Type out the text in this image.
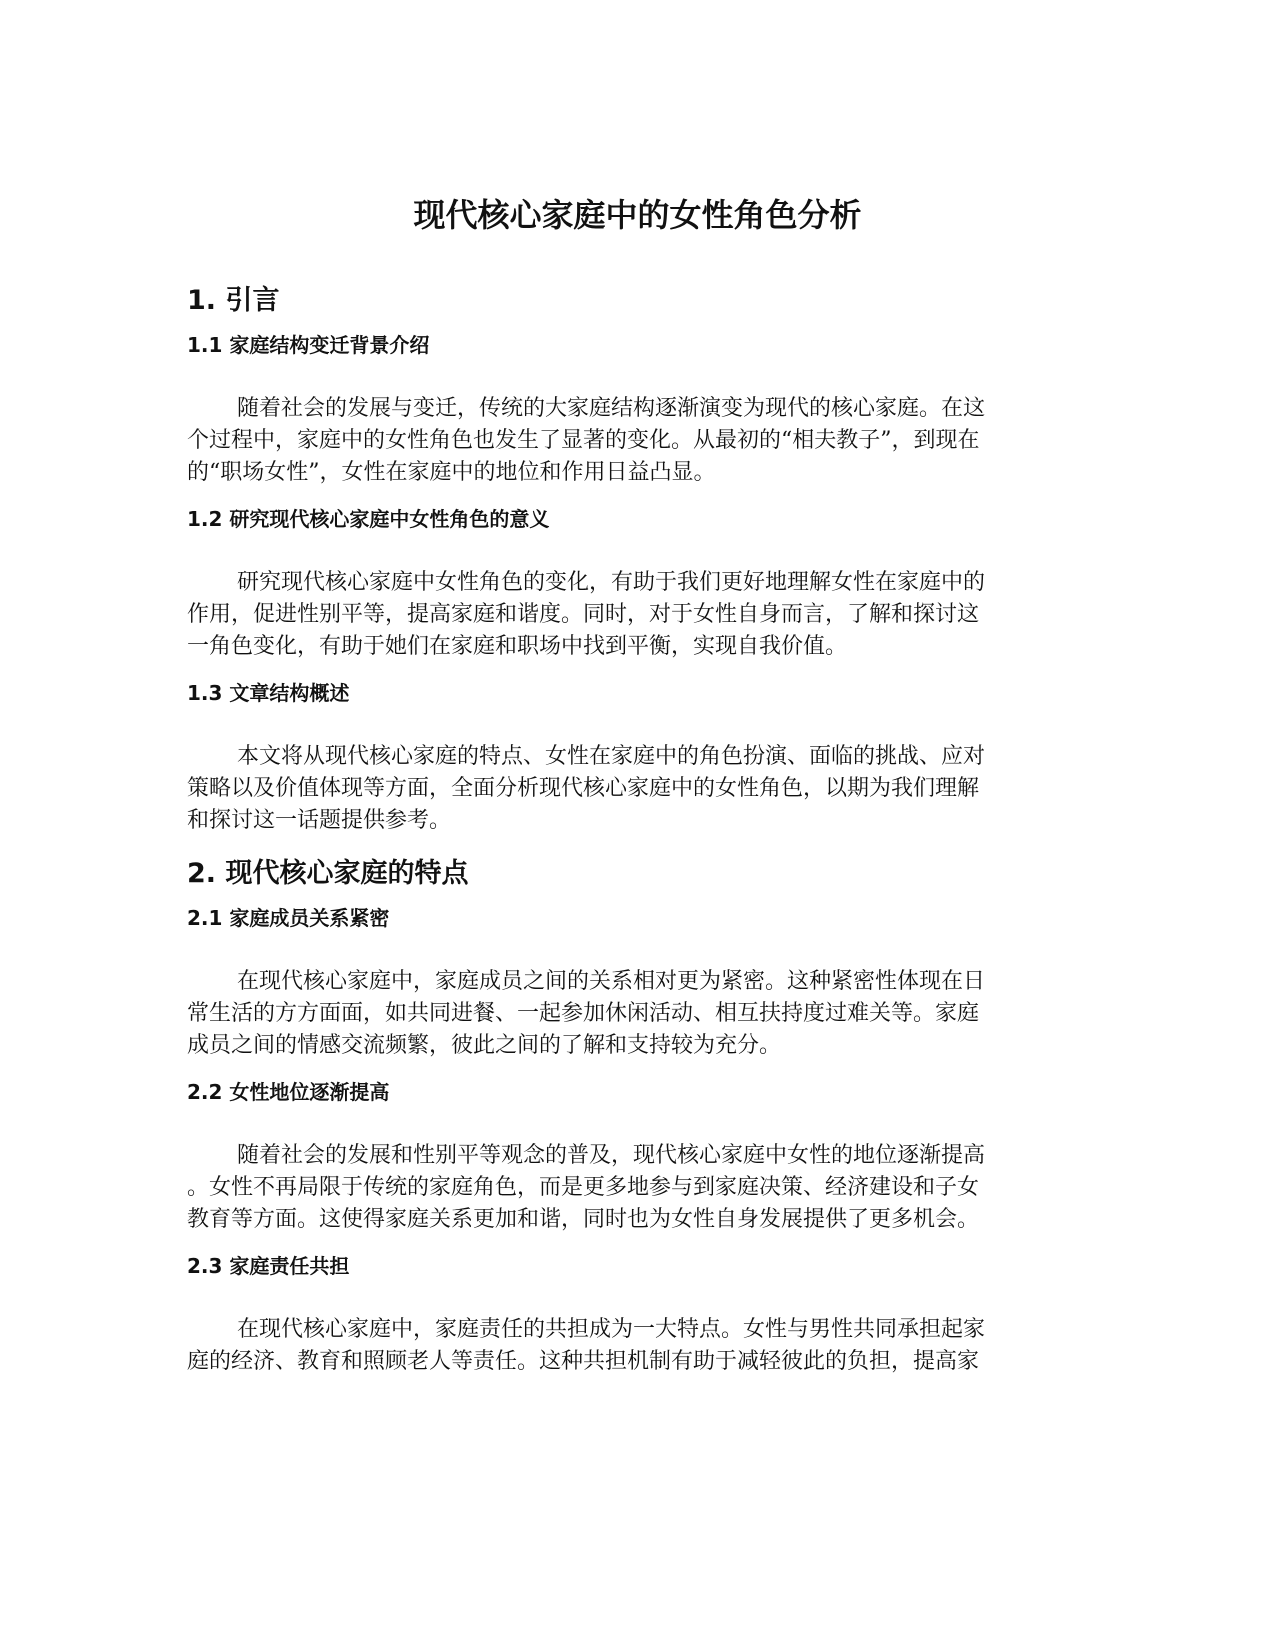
现代核心家庭中的女性角色分析
1. 引言
1.1 家庭结构变迁背景介绍
随着社会的发展与变迁，传统的大家庭结构逐渐演变为现代的核心家庭。在这
个过程中，家庭中的女性角色也发生了显著的变化。从最初的“相夫教子”，到现在
的“职场女性”，女性在家庭中的地位和作用日益凸显。
1.2 研究现代核心家庭中女性角色的意义
研究现代核心家庭中女性角色的变化，有助于我们更好地理解女性在家庭中的
作用，促进性别平等，提高家庭和谐度。同时，对于女性自身而言，了解和探讨这
一角色变化，有助于她们在家庭和职场中找到平衡，实现自我价值。
1.3 文章结构概述
本文将从现代核心家庭的特点、女性在家庭中的角色扮演、面临的挑战、应对
策略以及价值体现等方面，全面分析现代核心家庭中的女性角色，以期为我们理解
和探讨这一话题提供参考。
2. 现代核心家庭的特点
2.1 家庭成员关系紧密
在现代核心家庭中，家庭成员之间的关系相对更为紧密。这种紧密性体现在日
常生活的方方面面，如共同进餐、一起参加休闲活动、相互扶持度过难关等。家庭
成员之间的情感交流频繁，彼此之间的了解和支持较为充分。
2.2 女性地位逐渐提高
随着社会的发展和性别平等观念的普及，现代核心家庭中女性的地位逐渐提高
。女性不再局限于传统的家庭角色，而是更多地参与到家庭决策、经济建设和子女
教育等方面。这使得家庭关系更加和谐，同时也为女性自身发展提供了更多机会。
2.3 家庭责任共担
在现代核心家庭中，家庭责任的共担成为一大特点。女性与男性共同承担起家
庭的经济、教育和照顾老人等责任。这种共担机制有助于减轻彼此的负担，提高家
